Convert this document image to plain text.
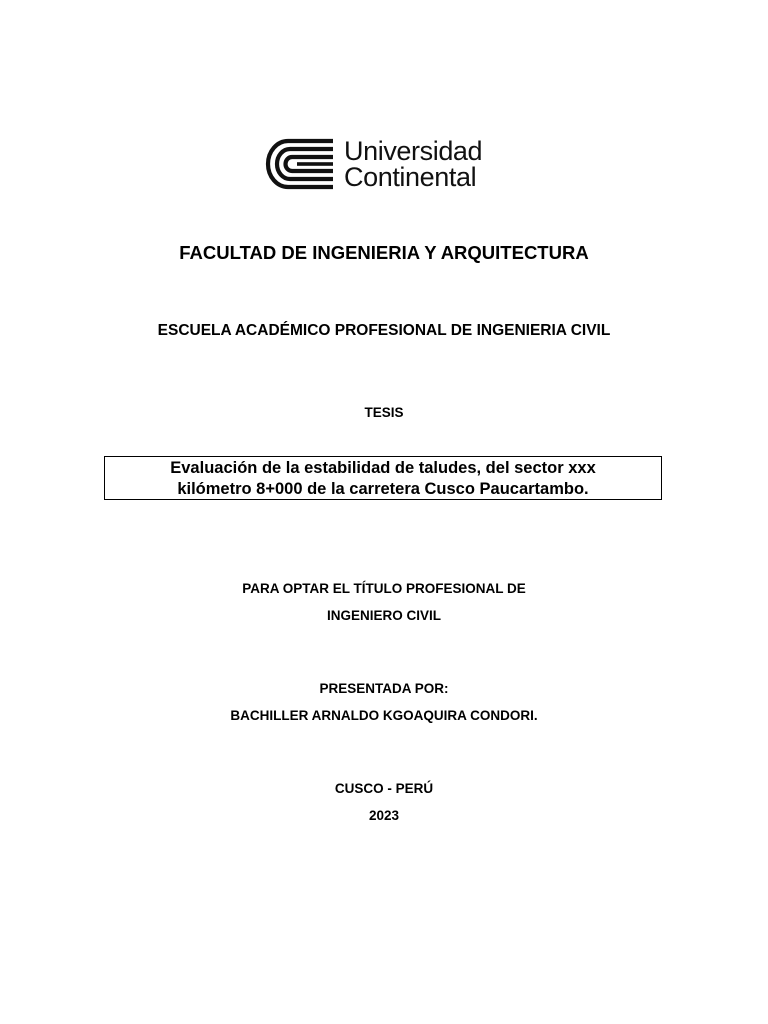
Universidad
Continental
FACULTAD DE INGENIERIA Y ARQUITECTURA
ESCUELA ACADÉMICO PROFESIONAL DE INGENIERIA CIVIL
TESIS
Evaluación de la estabilidad de taludes, del sector xxx
kilómetro 8+000 de la carretera Cusco Paucartambo.
PARA OPTAR EL TÍTULO PROFESIONAL DE
INGENIERO CIVIL
PRESENTADA POR:
BACHILLER ARNALDO KGOAQUIRA CONDORI.
CUSCO - PERÚ
2023
